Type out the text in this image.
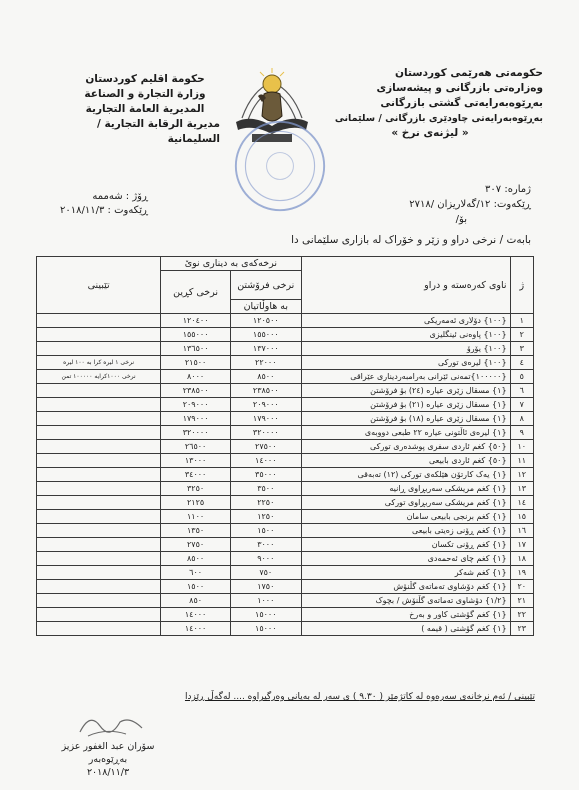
حکومەتی هەرێمی کوردستان
وەزارەتی بازرگانی و پیشەسازی
بەڕێوەبەرایەتی گشتی بازرگانی
بەڕێوەبەرایەتی چاودێری بازرگانی / سلێمانی
« لیژنەی نرخ »
حكومة اقليم كوردستان
وزارة التجارة و الصناعة
المديرية العامة التجارية
مديرية الرقابة التجارية / السليمانية
ژمارە: ٣٠٧
ڕێکەوت: ١٢/گەلاریزان /٢٧١٨
بۆ/
ڕۆژ : شەممە
ڕێکەوت : ٢٠١٨/١١/٣
بابەت / نرخی دراو و زێر و خۆراک لە بازاری سلێمانی دا
ژ	ناوی کەرەستە و دراو	نرخەکەی بە دیناری نوێ		تێبینی
		نرخی فرۆشتن	نرخی کڕین	
		بە هاوڵاتیان		
١	{١٠٠} دۆلاری ئەمەریکی	١٢٠٥٠٠	١٢٠٤٠٠	
٢	{١٠٠} پاوەنی ئینگلیزی	١٥٥٠٠٠	١٥٥٠٠٠	
٣	{١٠٠} یۆرۆ	١٣٧٠٠٠	١٣٦٥٠٠	
٤	{١٠٠} لیرەی تورکی	٢٢٠٠٠	٢١٥٠٠	نرخی ١ لیرە کرا بە ١٠٠ لیرە
٥	{١٠٠٠٠٠}تمەنی ئێرانی بەرامبەردیناری عێراقی	٨٥٠٠	٨٠٠٠	نرخی ١٠٠٠کرایە ١٠٠٠٠٠ تمن
٦	{١} مسقال زێری عیارە (٢٤) بۆ فرۆشتن	٢٣٨٥٠٠	٢٣٨٥٠٠	
٧	{١} مسقال زێری عیارە (٢١) بۆ فرۆشتن	٢٠٩٠٠٠	٢٠٩٠٠٠	
٨	{١} مسقال زێری عیارە (١٨) بۆ فرۆشتن	١٧٩٠٠٠	١٧٩٠٠٠	
٩	{١} لیرەی ئاڵتونی عیارە ٢٢ طبعی دووبەی	٣٢٠٠٠٠	٣٢٠٠٠٠	
١٠	{٥٠} کغم ئاردی سفری پوشدەری تورکی	٢٧٥٠٠	٢٦٥٠٠	
١١	{٥٠} کغم ئاردی بابیعی	١٤٠٠٠	١٣٠٠٠	
١٢	{١} یەک کارتۆن هێلکەی تورکی (١٢) تەبەقی	٣٥٠٠٠	٣٤٠٠٠	
١٣	{١} کغم مریشکی سەربڕاوی ڕانیە	٣٥٠٠	٣٢٥٠	
١٤	{١} کغم مریشکی سەربڕاوی تورکی	٢٢٥٠	٢١٢٥	
١٥	{١} کغم برنجی بابیعی سامان	١٢٥٠	١١٠٠	
١٦	{١} کغم ڕۆنی زەیتی بابیعی	١٥٠٠	١٣٥٠	
١٧	{١} کغم ڕۆنی تکسان	٣٠٠٠	٢٧٥٠	
١٨	{١} کغم چای ئەحمەدی	٩٠٠٠	٨٥٠٠	
١٩	{١} کغم شەکر	٧٥٠	٦٠٠	
٢٠	{١} کغم دۆشاوی تەماتەی گڵنۆش	١٧٥٠	١٥٠٠	
٢١	{١/٢} دۆشاوی تەماتەی گڵنۆش / بچوک	١٠٠٠	٨٥٠	
٢٢	{١} کغم گۆشتی کاور و بەرخ	١٥٠٠٠	١٤٠٠٠	
٢٣	{١} کغم گۆشتی ( قیمە )	١٥٠٠٠	١٤٠٠٠	
تێبینی / ئەم نرخانەی سەرەوە لە کاتژمێر ( ٩.٣٠ ) ی سەر لە بەیانی وەرگیراوە .... لەگەڵ ڕێزدا
سۆران عبد الغفور عزیز
بەڕێوەبەر
٢٠١٨/١١/٣
